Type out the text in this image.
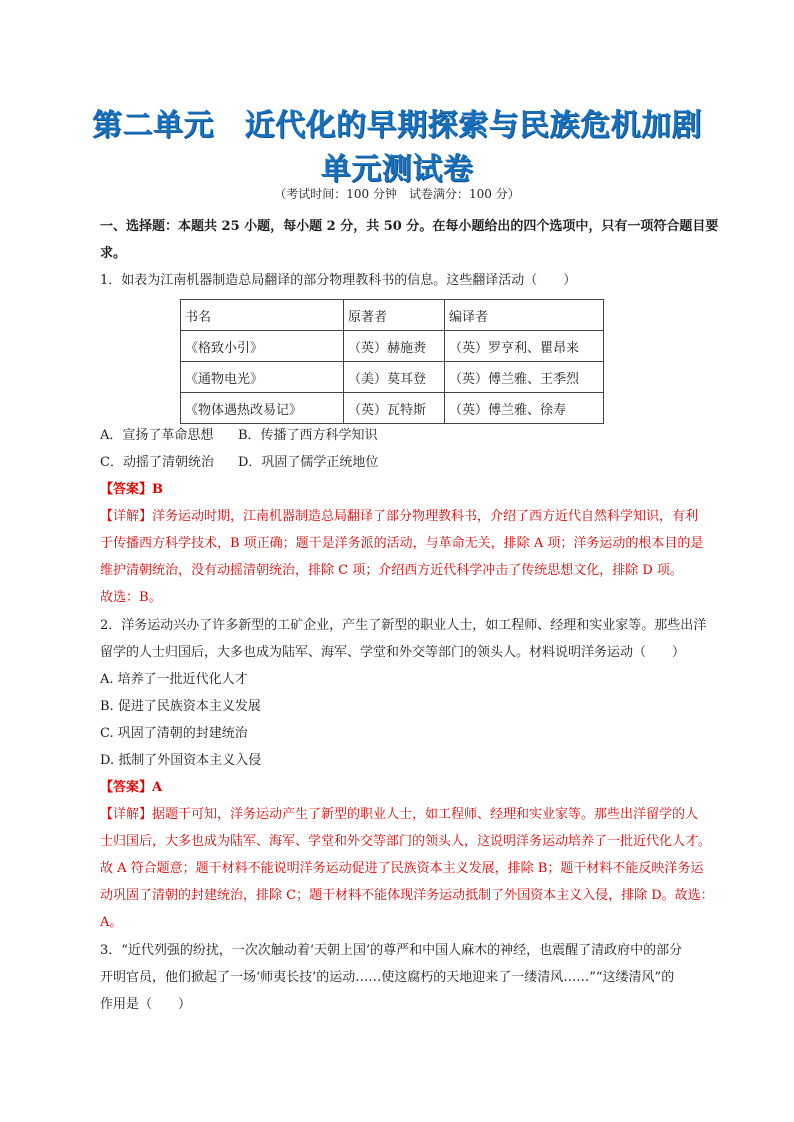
第二单元　近代化的早期探索与民族危机加剧
单元测试卷
（考试时间：100 分钟　试卷满分：100 分）
一、选择题：本题共 25 小题，每小题 2 分，共 50 分。在每小题给出的四个选项中，只有一项符合题目要
求。
1．如表为江南机器制造总局翻译的部分物理教科书的信息。这些翻译活动（　　）
书名	原著者	编译者
《格致小引》	（英）赫施赉	（英）罗亨利、瞿昂来
《通物电光》	（美）莫耳登	（英）傅兰雅、王季烈
《物体遇热改易记》	（英）瓦特斯	（英）傅兰雅、徐寿
A．宣扬了革命思想 B．传播了西方科学知识
C．动摇了清朝统治 D．巩固了儒学正统地位
【答案】B
【详解】洋务运动时期，江南机器制造总局翻译了部分物理教科书，介绍了西方近代自然科学知识，有利
于传播西方科学技术，B 项正确；题干是洋务派的活动，与革命无关，排除 A 项；洋务运动的根本目的是
维护清朝统治，没有动摇清朝统治，排除 C 项；介绍西方近代科学冲击了传统思想文化，排除 D 项。
故选：B。
2．洋务运动兴办了许多新型的工矿企业，产生了新型的职业人士，如工程师、经理和实业家等。那些出洋
留学的人士归国后，大多也成为陆军、海军、学堂和外交等部门的领头人。材料说明洋务运动（　　）
A. 培养了一批近代化人才
B. 促进了民族资本主义发展
C. 巩固了清朝的封建统治
D. 抵制了外国资本主义入侵
【答案】A
【详解】据题干可知，洋务运动产生了新型的职业人士，如工程师、经理和实业家等。那些出洋留学的人
士归国后，大多也成为陆军、海军、学堂和外交等部门的领头人，这说明洋务运动培养了一批近代化人才。
故 A 符合题意；题干材料不能说明洋务运动促进了民族资本主义发展，排除 B；题干材料不能反映洋务运
动巩固了清朝的封建统治，排除 C；题干材料不能体现洋务运动抵制了外国资本主义入侵，排除 D。故选：
A。
3．“近代列强的纷扰，一次次触动着‘天朝上国’的尊严和中国人麻木的神经，也震醒了清政府中的部分
开明官员，他们掀起了一场‘师夷长技’的运动……使这腐朽的天地迎来了一缕清风……”“这缕清风”的
作用是（　　）
